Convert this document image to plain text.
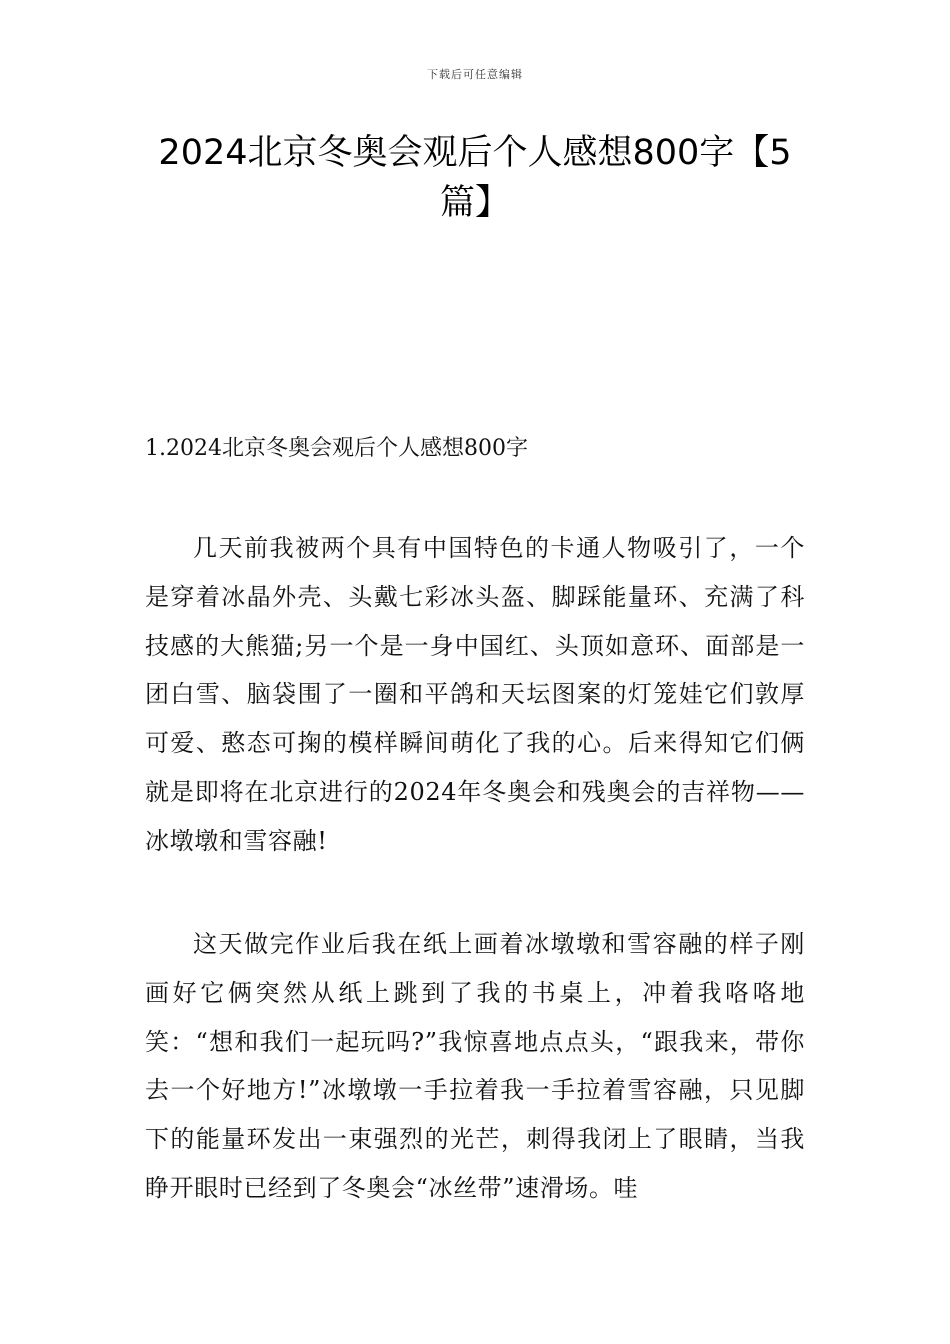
下载后可任意编辑
2024北京冬奥会观后个人感想800字【5篇】
1.2024北京冬奥会观后个人感想800字

几天前我被两个具有中国特色的卡通人物吸引了，一个是穿着冰晶外壳、头戴七彩冰头盔、脚踩能量环、充满了科技感的大熊猫;另一个是一身中国红、头顶如意环、面部是一团白雪、脑袋围了一圈和平鸽和天坛图案的灯笼娃它们敦厚可爱、憨态可掬的模样瞬间萌化了我的心。后来得知它们俩就是即将在北京进行的2024年冬奥会和残奥会的吉祥物——冰墩墩和雪容融!

这天做完作业后我在纸上画着冰墩墩和雪容融的样子刚画好它俩突然从纸上跳到了我的书桌上，冲着我咯咯地笑：“想和我们一起玩吗?”我惊喜地点点头，“跟我来，带你去一个好地方!”冰墩墩一手拉着我一手拉着雪容融，只见脚下的能量环发出一束强烈的光芒，刺得我闭上了眼睛，当我睁开眼时已经到了冬奥会“冰丝带”速滑场。哇
